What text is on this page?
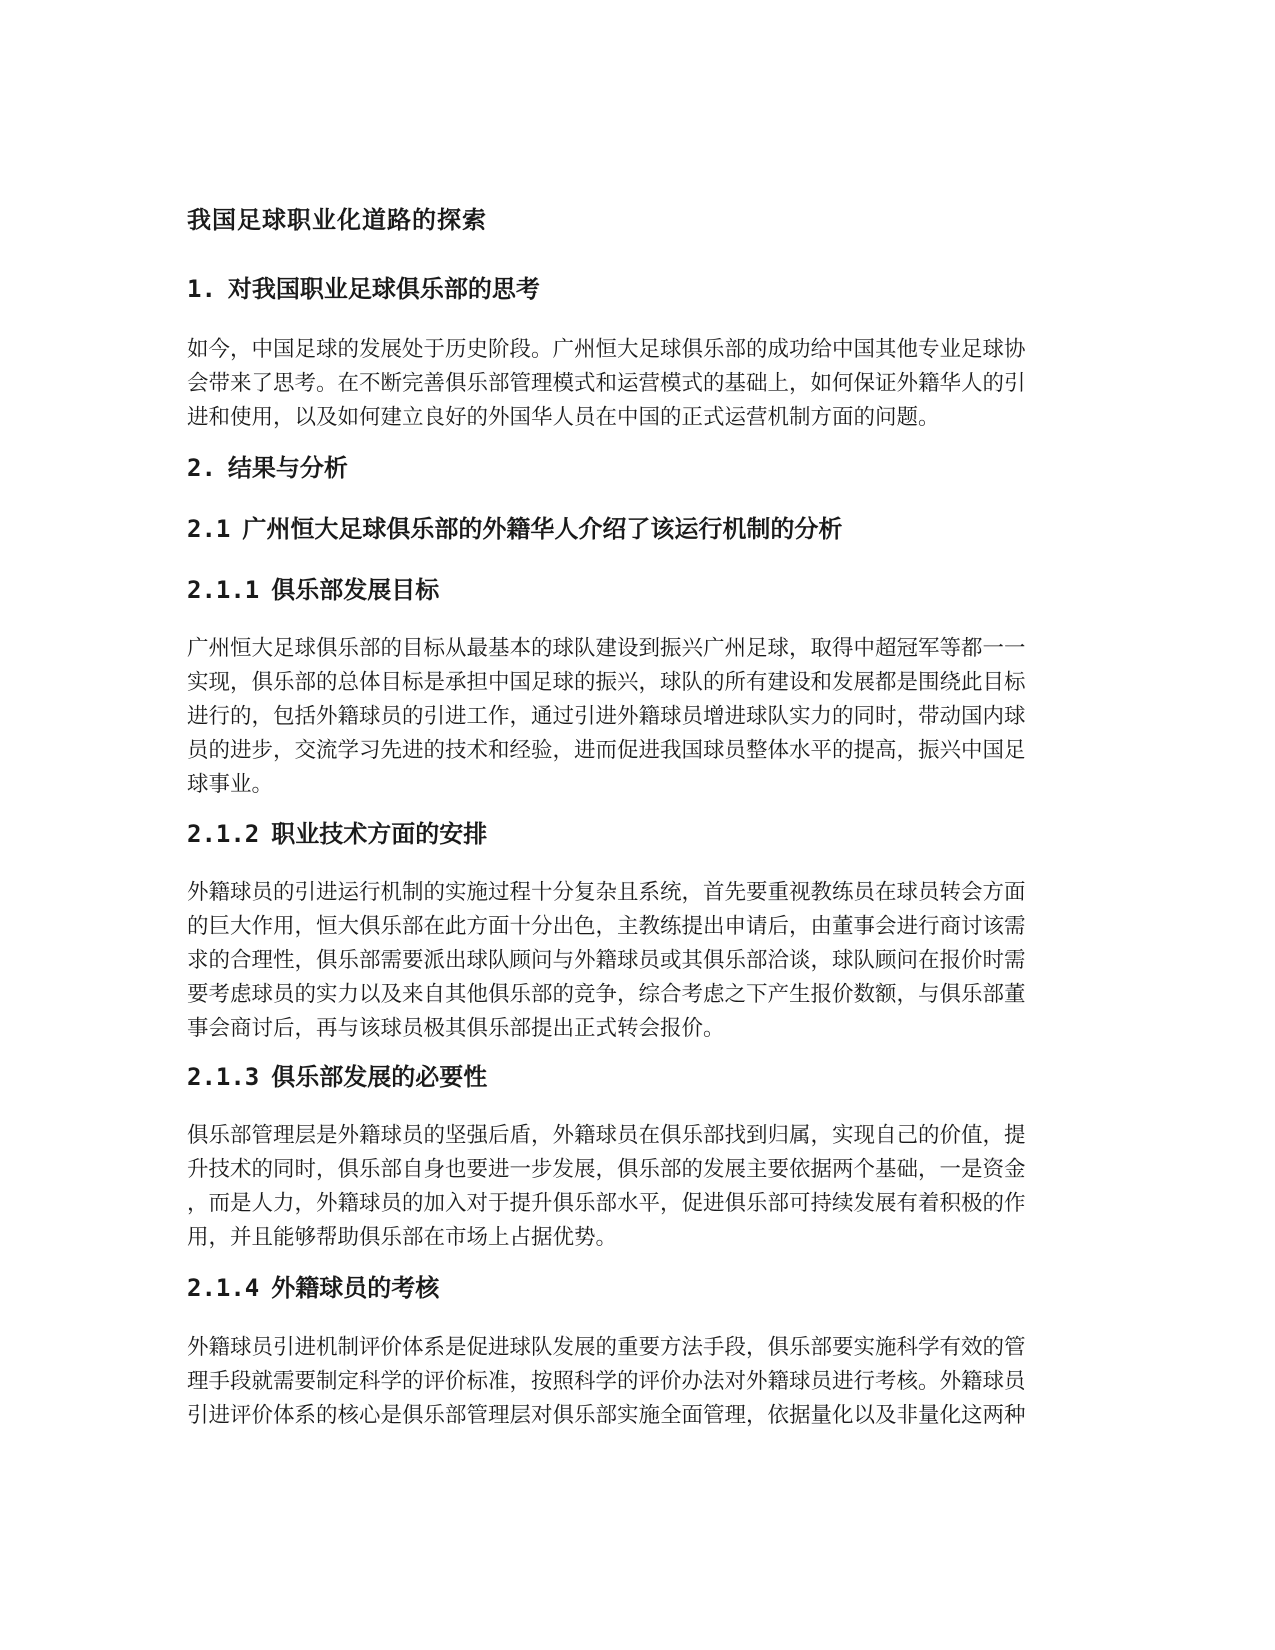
我国足球职业化道路的探索
1. 对我国职业足球俱乐部的思考
如今，中国足球的发展处于历史阶段。广州恒大足球俱乐部的成功给中国其他专业足球协
会带来了思考。在不断完善俱乐部管理模式和运营模式的基础上，如何保证外籍华人的引
进和使用，以及如何建立良好的外国华人员在中国的正式运营机制方面的问题。
2. 结果与分析
2.1 广州恒大足球俱乐部的外籍华人介绍了该运行机制的分析
2.1.1 俱乐部发展目标
广州恒大足球俱乐部的目标从最基本的球队建设到振兴广州足球，取得中超冠军等都一一
实现，俱乐部的总体目标是承担中国足球的振兴，球队的所有建设和发展都是围绕此目标
进行的，包括外籍球员的引进工作，通过引进外籍球员增进球队实力的同时，带动国内球
员的进步，交流学习先进的技术和经验，进而促进我国球员整体水平的提高，振兴中国足
球事业。
2.1.2 职业技术方面的安排
外籍球员的引进运行机制的实施过程十分复杂且系统，首先要重视教练员在球员转会方面
的巨大作用，恒大俱乐部在此方面十分出色，主教练提出申请后，由董事会进行商讨该需
求的合理性，俱乐部需要派出球队顾问与外籍球员或其俱乐部洽谈，球队顾问在报价时需
要考虑球员的实力以及来自其他俱乐部的竞争，综合考虑之下产生报价数额，与俱乐部董
事会商讨后，再与该球员极其俱乐部提出正式转会报价。
2.1.3 俱乐部发展的必要性
俱乐部管理层是外籍球员的坚强后盾，外籍球员在俱乐部找到归属，实现自己的价值，提
升技术的同时，俱乐部自身也要进一步发展，俱乐部的发展主要依据两个基础，一是资金
，而是人力，外籍球员的加入对于提升俱乐部水平，促进俱乐部可持续发展有着积极的作
用，并且能够帮助俱乐部在市场上占据优势。
2.1.4 外籍球员的考核
外籍球员引进机制评价体系是促进球队发展的重要方法手段，俱乐部要实施科学有效的管
理手段就需要制定科学的评价标准，按照科学的评价办法对外籍球员进行考核。外籍球员
引进评价体系的核心是俱乐部管理层对俱乐部实施全面管理，依据量化以及非量化这两种
